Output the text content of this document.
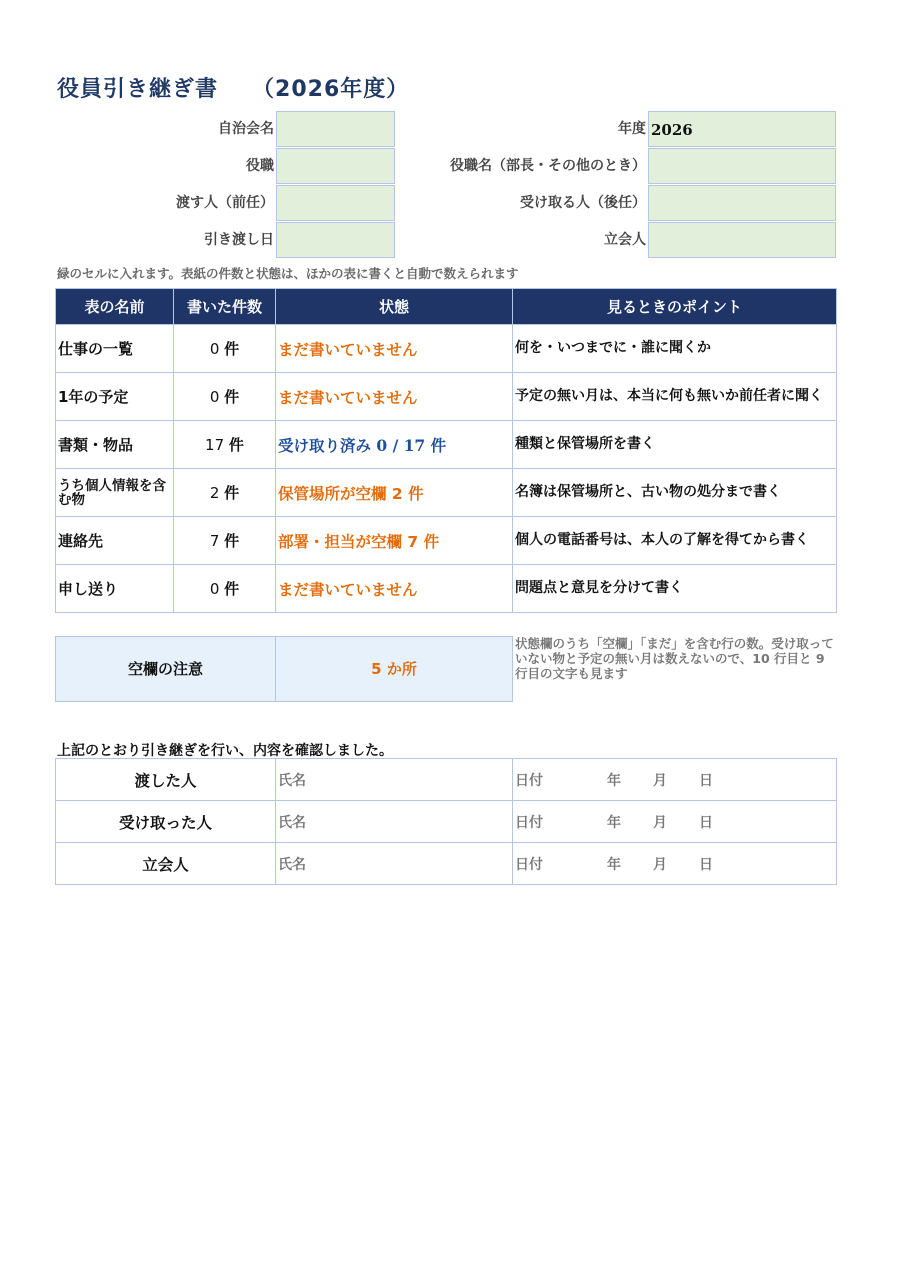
役員引き継ぎ書 （2026年度）
自治会名	年度 2026
役職	役職名（部長・その他のとき）
渡す人（前任）	受け取る人（後任）
引き渡し日	立会人
緑のセルに入れます。表紙の件数と状態は、ほかの表に書くと自動で数えられます
表の名前	書いた件数	状態	見るときのポイント
仕事の一覧	0 件	まだ書いていません	何を・いつまでに・誰に聞くか
1年の予定	0 件	まだ書いていません	予定の無い月は、本当に何も無いか前任者に聞く
書類・物品	17 件	受け取り済み 0 / 17 件	種類と保管場所を書く
うち個人情報を含む物	2 件	保管場所が空欄 2 件	名簿は保管場所と、古い物の処分まで書く
連絡先	7 件	部署・担当が空欄 7 件	個人の電話番号は、本人の了解を得てから書く
申し送り	0 件	まだ書いていません	問題点と意見を分けて書く
空欄の注意	5 か所
状態欄のうち「空欄」「まだ」を含む行の数。受け取っていない物と予定の無い月は数えないので、10 行目と 9 行目の文字も見ます
上記のとおり引き継ぎを行い、内容を確認しました。
渡した人	氏名	日付 年 月 日
受け取った人	氏名	日付 年 月 日
立会人	氏名	日付 年 月 日
